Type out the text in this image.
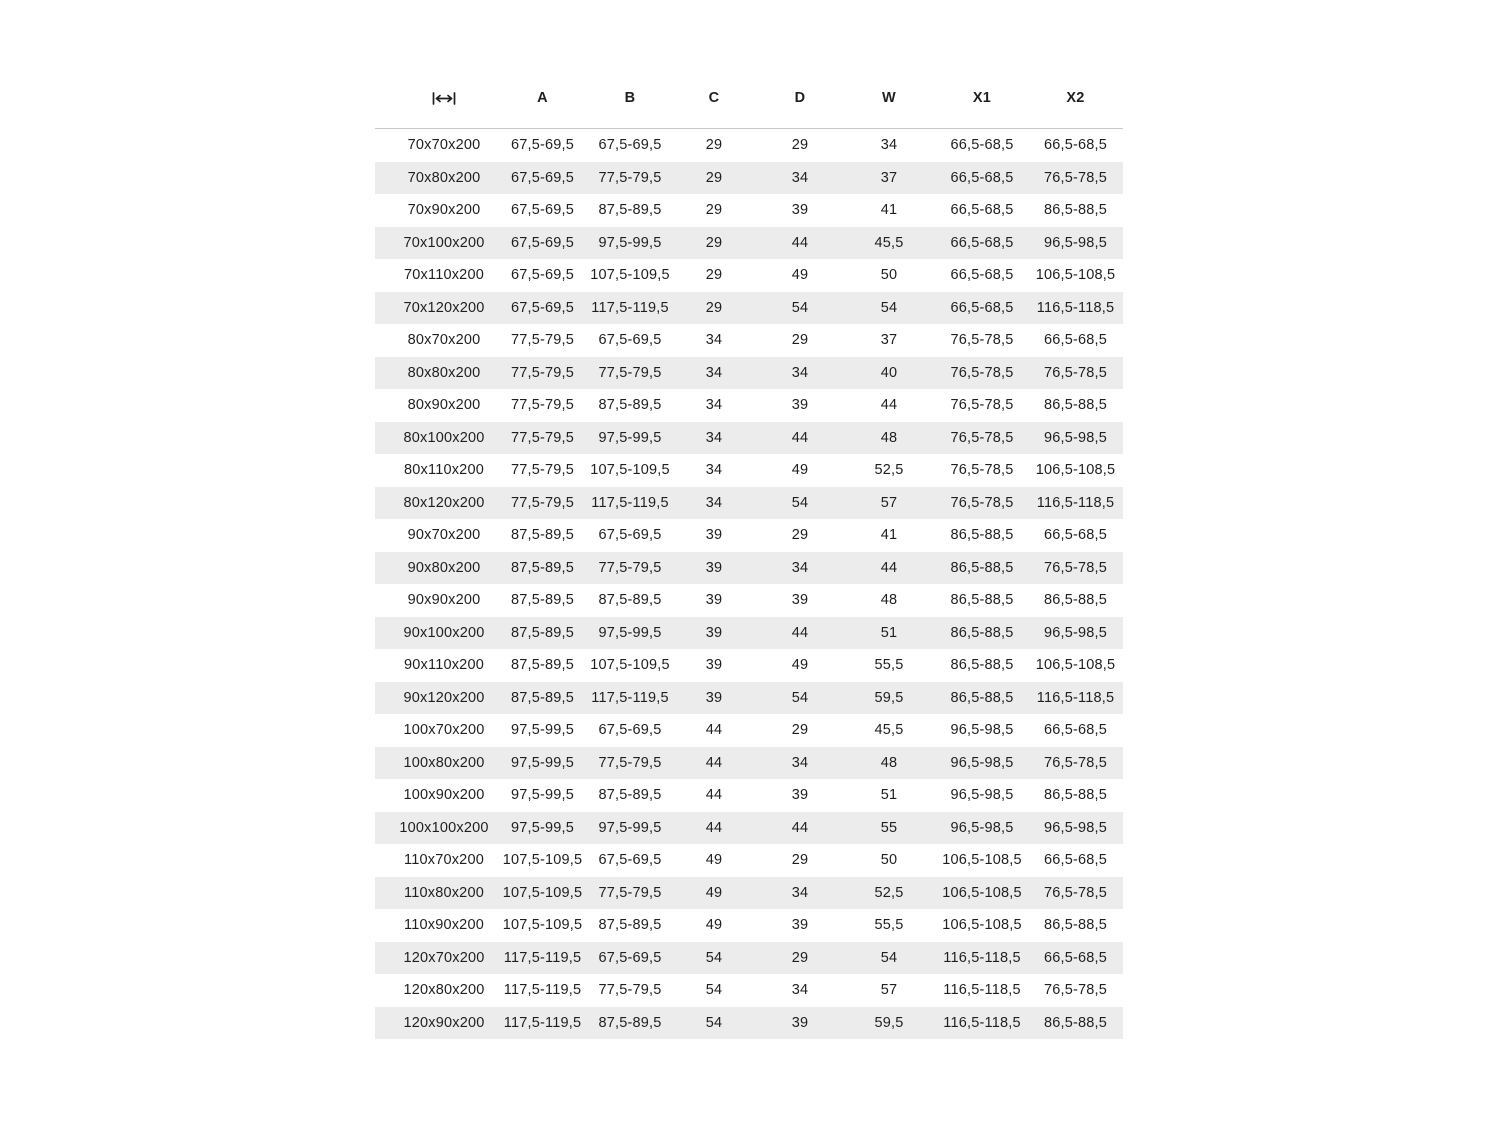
A	B	C	D	W	X1	X2
70x70x200	67,5-69,5	67,5-69,5	29	29	34	66,5-68,5	66,5-68,5
70x80x200	67,5-69,5	77,5-79,5	29	34	37	66,5-68,5	76,5-78,5
70x90x200	67,5-69,5	87,5-89,5	29	39	41	66,5-68,5	86,5-88,5
70x100x200	67,5-69,5	97,5-99,5	29	44	45,5	66,5-68,5	96,5-98,5
70x110x200	67,5-69,5	107,5-109,5	29	49	50	66,5-68,5	106,5-108,5
70x120x200	67,5-69,5	117,5-119,5	29	54	54	66,5-68,5	116,5-118,5
80x70x200	77,5-79,5	67,5-69,5	34	29	37	76,5-78,5	66,5-68,5
80x80x200	77,5-79,5	77,5-79,5	34	34	40	76,5-78,5	76,5-78,5
80x90x200	77,5-79,5	87,5-89,5	34	39	44	76,5-78,5	86,5-88,5
80x100x200	77,5-79,5	97,5-99,5	34	44	48	76,5-78,5	96,5-98,5
80x110x200	77,5-79,5	107,5-109,5	34	49	52,5	76,5-78,5	106,5-108,5
80x120x200	77,5-79,5	117,5-119,5	34	54	57	76,5-78,5	116,5-118,5
90x70x200	87,5-89,5	67,5-69,5	39	29	41	86,5-88,5	66,5-68,5
90x80x200	87,5-89,5	77,5-79,5	39	34	44	86,5-88,5	76,5-78,5
90x90x200	87,5-89,5	87,5-89,5	39	39	48	86,5-88,5	86,5-88,5
90x100x200	87,5-89,5	97,5-99,5	39	44	51	86,5-88,5	96,5-98,5
90x110x200	87,5-89,5	107,5-109,5	39	49	55,5	86,5-88,5	106,5-108,5
90x120x200	87,5-89,5	117,5-119,5	39	54	59,5	86,5-88,5	116,5-118,5
100x70x200	97,5-99,5	67,5-69,5	44	29	45,5	96,5-98,5	66,5-68,5
100x80x200	97,5-99,5	77,5-79,5	44	34	48	96,5-98,5	76,5-78,5
100x90x200	97,5-99,5	87,5-89,5	44	39	51	96,5-98,5	86,5-88,5
100x100x200	97,5-99,5	97,5-99,5	44	44	55	96,5-98,5	96,5-98,5
110x70x200	107,5-109,5	67,5-69,5	49	29	50	106,5-108,5	66,5-68,5
110x80x200	107,5-109,5	77,5-79,5	49	34	52,5	106,5-108,5	76,5-78,5
110x90x200	107,5-109,5	87,5-89,5	49	39	55,5	106,5-108,5	86,5-88,5
120x70x200	117,5-119,5	67,5-69,5	54	29	54	116,5-118,5	66,5-68,5
120x80x200	117,5-119,5	77,5-79,5	54	34	57	116,5-118,5	76,5-78,5
120x90x200	117,5-119,5	87,5-89,5	54	39	59,5	116,5-118,5	86,5-88,5
